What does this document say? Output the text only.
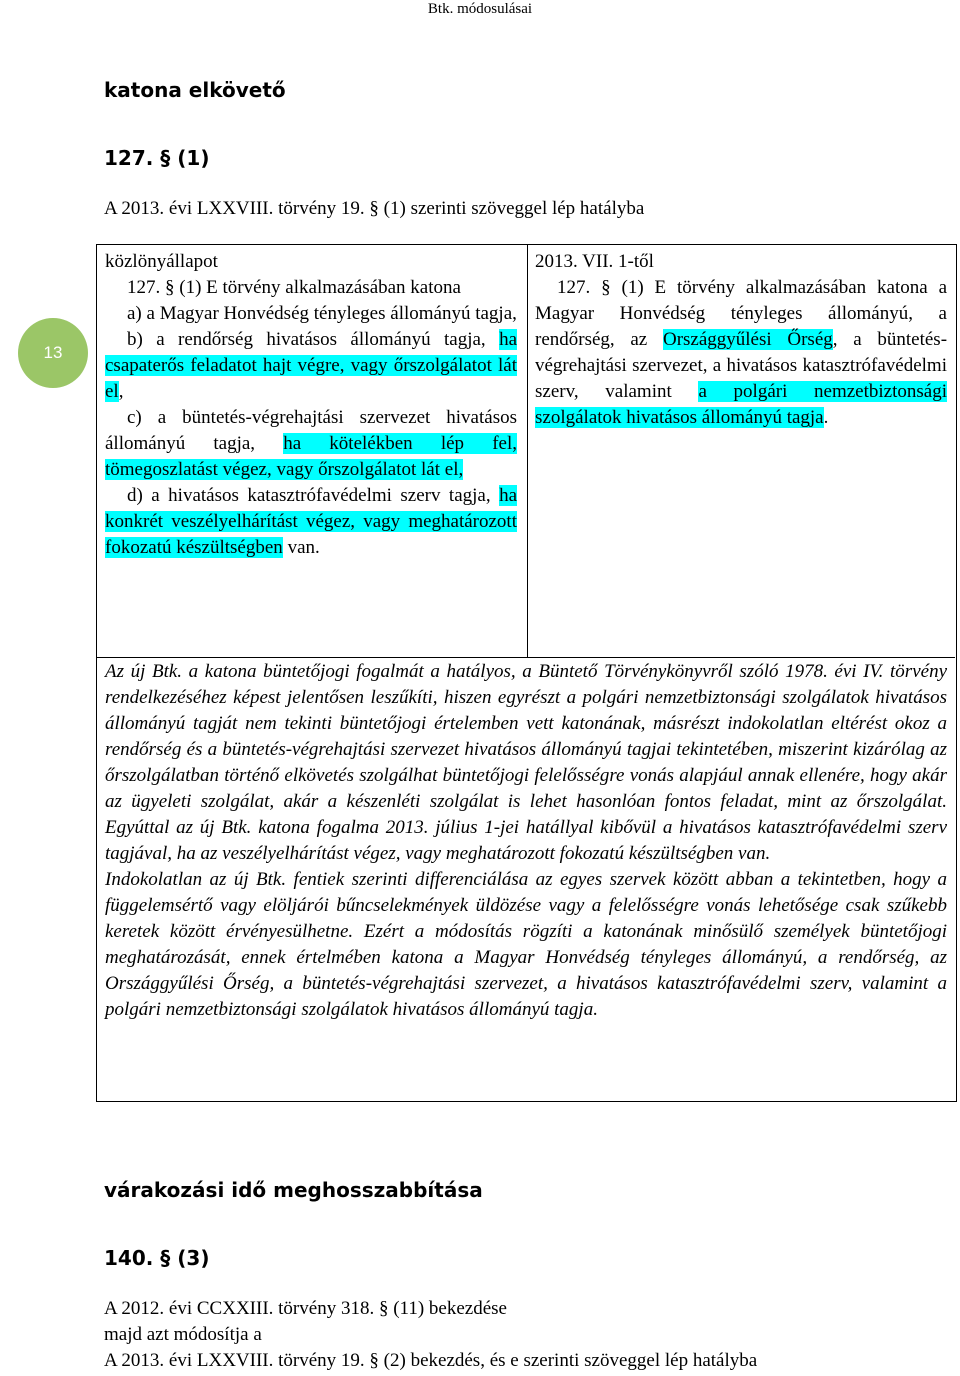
Btk. módosulásai
13
katona elkövető
127. § (1)
A 2013. évi LXXVIII. törvény 19. § (1) szerinti szöveggel lép hatályba

közlönyállapot

127. § (1) E törvény alkalmazásában katona

a) a Magyar Honvédség tényleges állományú tagja,

b) a rendőrség hivatásos állományú tagja, ha csapaterős feladatot hajt végre, vagy őrszolgálatot lát el,

c) a büntetés-végrehajtási szervezet hivatásos állományú tagja, ha kötelékben lép fel, tömegoszlatást végez, vagy őrszolgálatot lát el,

d) a hivatásos katasztrófavédelmi szerv tagja, ha konkrét veszélyelhárítást végez, vagy meghatározott fokozatú készültségben van.

2013. VII. 1-től

127. § (1) E törvény alkalmazásában katona a Magyar Honvédség tényleges állományú, a rendőrség, az Országgyűlési Őrség, a büntetés-végrehajtási szervezet, a hivatásos katasztrófavédelmi szerv, valamint a polgári nemzetbiztonsági szolgálatok hivatásos állományú tagja.

Az új Btk. a katona büntetőjogi fogalmát a hatályos, a Büntető Törvénykönyvről szóló 1978. évi IV. törvény rendelkezéséhez képest jelentősen leszűkíti, hiszen egyrészt a polgári nemzetbiztonsági szolgálatok hivatásos állományú tagját nem tekinti büntetőjogi értelemben vett katonának, másrészt indokolatlan eltérést okoz a rendőrség és a büntetés-végrehajtási szervezet hivatásos állományú tagjai tekintetében, miszerint kizárólag az őrszolgálatban történő elkövetés szolgálhat büntetőjogi felelősségre vonás alapjául annak ellenére, hogy akár az ügyeleti szolgálat, akár a készenléti szolgálat is lehet hasonlóan fontos feladat, mint az őrszolgálat. Egyúttal az új Btk. katona fogalma 2013. július 1-jei hatállyal kibővül a hivatásos katasztrófavédelmi szerv tagjával, ha az veszélyelhárítást végez, vagy meghatározott fokozatú készültségben van.

Indokolatlan az új Btk. fentiek szerinti differenciálása az egyes szervek között abban a tekintetben, hogy a függelemsértő vagy elöljárói bűncselekmények üldözése vagy a felelősségre vonás lehetősége csak szűkebb keretek között érvényesülhetne. Ezért a módosítás rögzíti a katonának minősülő személyek büntetőjogi meghatározását, ennek értelmében katona a Magyar Honvédség tényleges állományú, a rendőrség, az Országgyűlési Őrség, a büntetés-végrehajtási szervezet, a hivatásos katasztrófavédelmi szerv, valamint a polgári nemzetbiztonsági szolgálatok hivatásos állományú tagja.

várakozási idő meghosszabbítása
140. § (3)
A 2012. évi CCXXIII. törvény 318. § (11) bekezdése
majd azt módosítja a
A 2013. évi LXXVIII. törvény 19. § (2) bekezdés, és e szerinti szöveggel lép hatályba
